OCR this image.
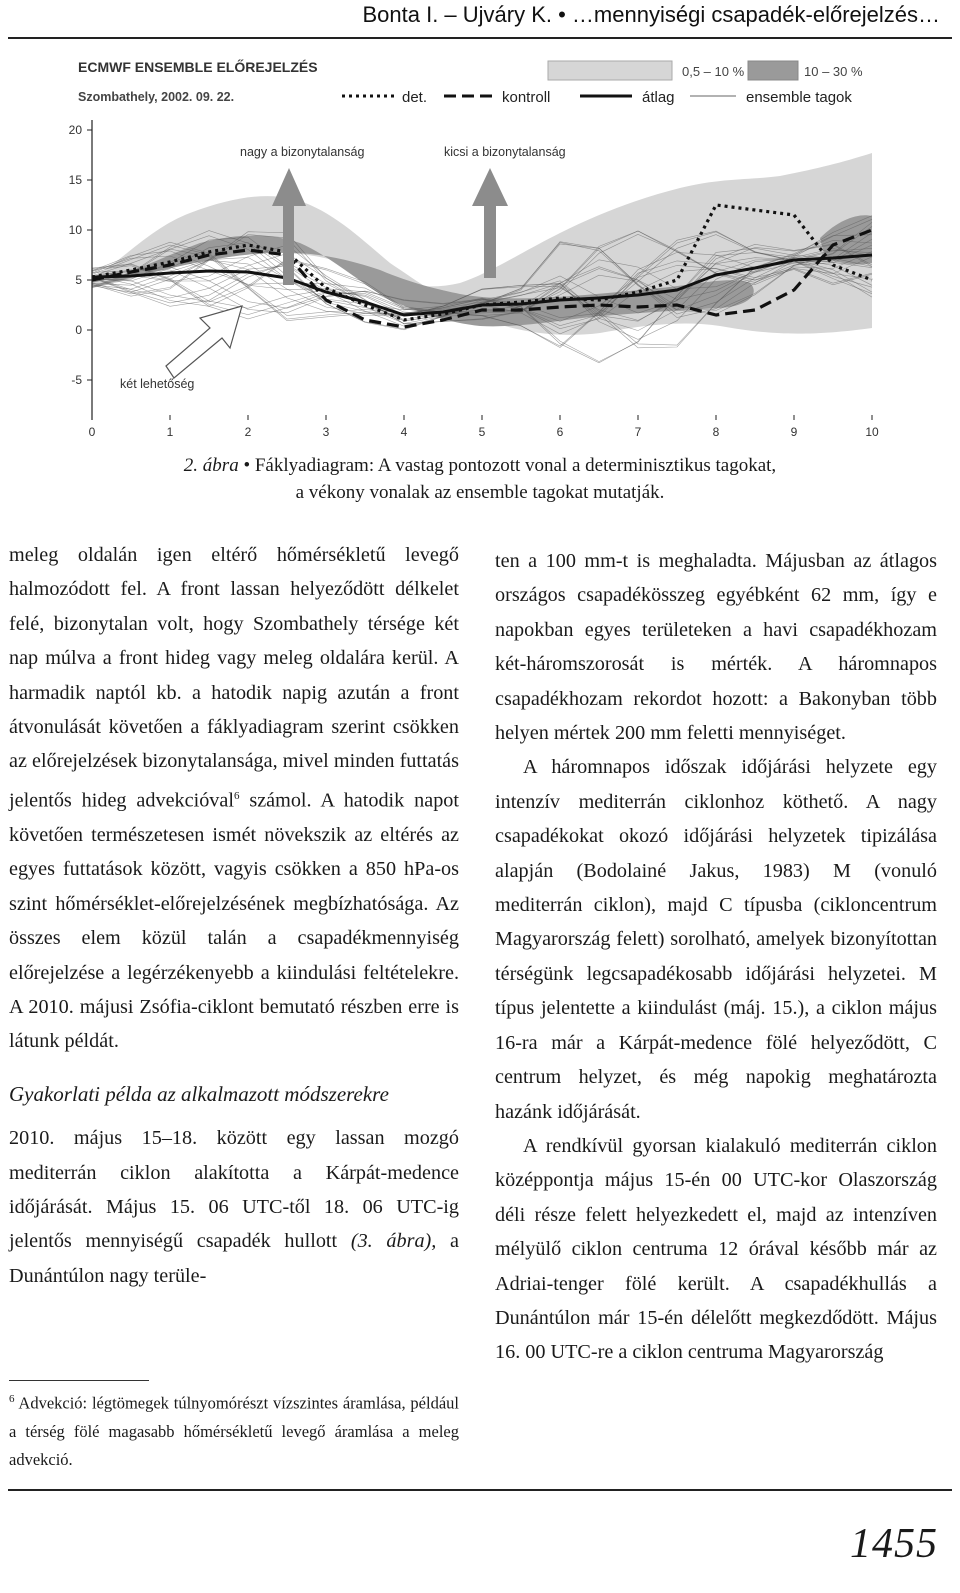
Bonta I. – Ujváry K. • …mennyiségi csapadék-előrejelzés…
-5
0
5
10
15
20
0	1	2	3	4	5	6	7	8	9	10
ECMWF ENSEMBLE ELŐREJELZÉS
Szombathely, 2002. 09. 22.
0,5 – 10 %	10 – 30 %
det.	kontroll	átlag	ensemble tagok
nagy a bizonytalanság	kicsi a bizonytalanság
két lehetőség
2. ábra • Fáklyadiagram: A vastag pontozott vonal a determinisztikus tagokat,
a vékony vonalak az ensemble tagokat mutatják.

meleg oldalán igen eltérő hőmérsékletű levegő halmozódott fel. A front lassan helyeződött délkelet felé, bizonytalan volt, hogy Szombathely térsége két nap múlva a front hideg vagy meleg oldalára kerül. A harmadik naptól kb. a hatodik napig azután a front átvonulását követően a fáklyadiagram szerint csökken az előrejelzések bizonytalansága, mivel minden futtatás jelentős hideg advekcióval$^6$ számol. A hatodik napot követően természetesen ismét növekszik az eltérés az egyes futtatások között, vagyis csökken a 850 hPa-os szint hőmérséklet-előrejelzésének megbízhatósága. Az összes elem közül talán a csapadékmennyiség előrejelzése a legérzékenyebb a kiindulási feltételekre. A 2010. májusi Zsófia-ciklont bemutató részben erre is látunk példát.

Gyakorlati példa az alkalmazott módszerekre

2010. május 15–18. között egy lassan mozgó mediterrán ciklon alakította a Kárpát-medence időjárását. Május 15. 06 UTC-től 18. 06 UTC-ig jelentős mennyiségű csapadék hullott (3. ábra), a Dunántúlon nagy terüle-

$^6$ Advekció: légtömegek túlnyomórészt vízszintes áramlása, például a térség fölé magasabb hőmérsékletű levegő áramlása a meleg advekció.

ten a 100 mm-t is meghaladta. Májusban az átlagos országos csapadékösszeg egyébként 62 mm, így e napokban egyes területeken a havi csapadékhozam két-háromszorosát is mérték. A háromnapos csapadékhozam rekordot hozott: a Bakonyban több helyen mértek 200 mm feletti mennyiséget.

A háromnapos időszak időjárási helyzete egy intenzív mediterrán ciklonhoz köthető. A nagy csapadékokat okozó időjárási helyzetek tipizálása alapján (Bodolainé Jakus, 1983) M (vonuló mediterrán ciklon), majd C típusba (cikloncentrum Magyarország felett) sorolható, amelyek bizonyítottan térségünk legcsapadékosabb időjárási helyzetei. M típus jelentette a kiindulást (máj. 15.), a ciklon május 16-ra már a Kárpát-medence fölé helyeződött, C centrum helyzet, és még napokig meghatározta hazánk időjárását.

A rendkívül gyorsan kialakuló mediterrán ciklon középpontja május 15-én 00 UTC-kor Olaszország déli része felett helyezkedett el, majd az intenzíven mélyülő ciklon centruma 12 órával később már az Adriai-tenger fölé került. A csapadékhullás a Dunántúlon már 15-én délelőtt megkezdődött. Május 16. 00 UTC-re a ciklon centruma Magyarország

1455
